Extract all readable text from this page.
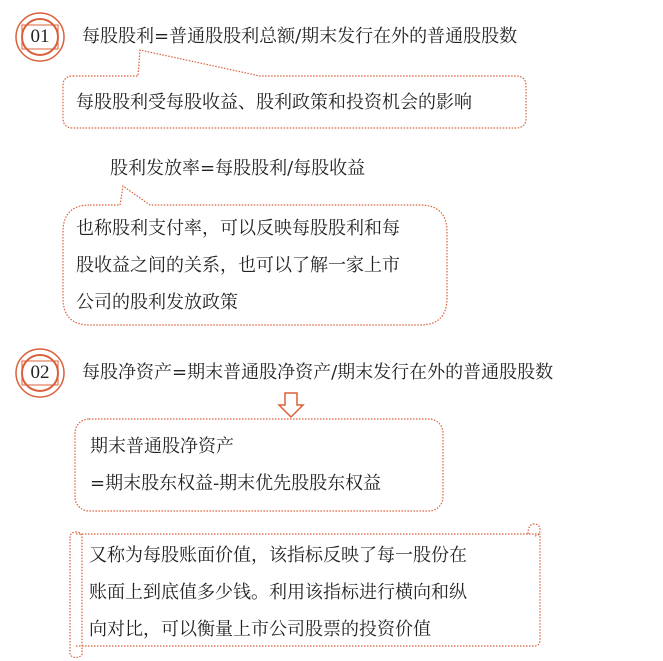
01	每股股利=普通股股利总额/期末发行在外的普通股股数
每股股利受每股收益、股利政策和投资机会的影响
股利发放率=每股股利/每股收益
也称股利支付率，可以反映每股股利和每
股收益之间的关系，也可以了解一家上市
公司的股利发放政策
02	每股净资产=期末普通股净资产/期末发行在外的普通股股数
期末普通股净资产
=期末股东权益-期末优先股股东权益
又称为每股账面价值，该指标反映了每一股份在
账面上到底值多少钱。利用该指标进行横向和纵
向对比，可以衡量上市公司股票的投资价值
